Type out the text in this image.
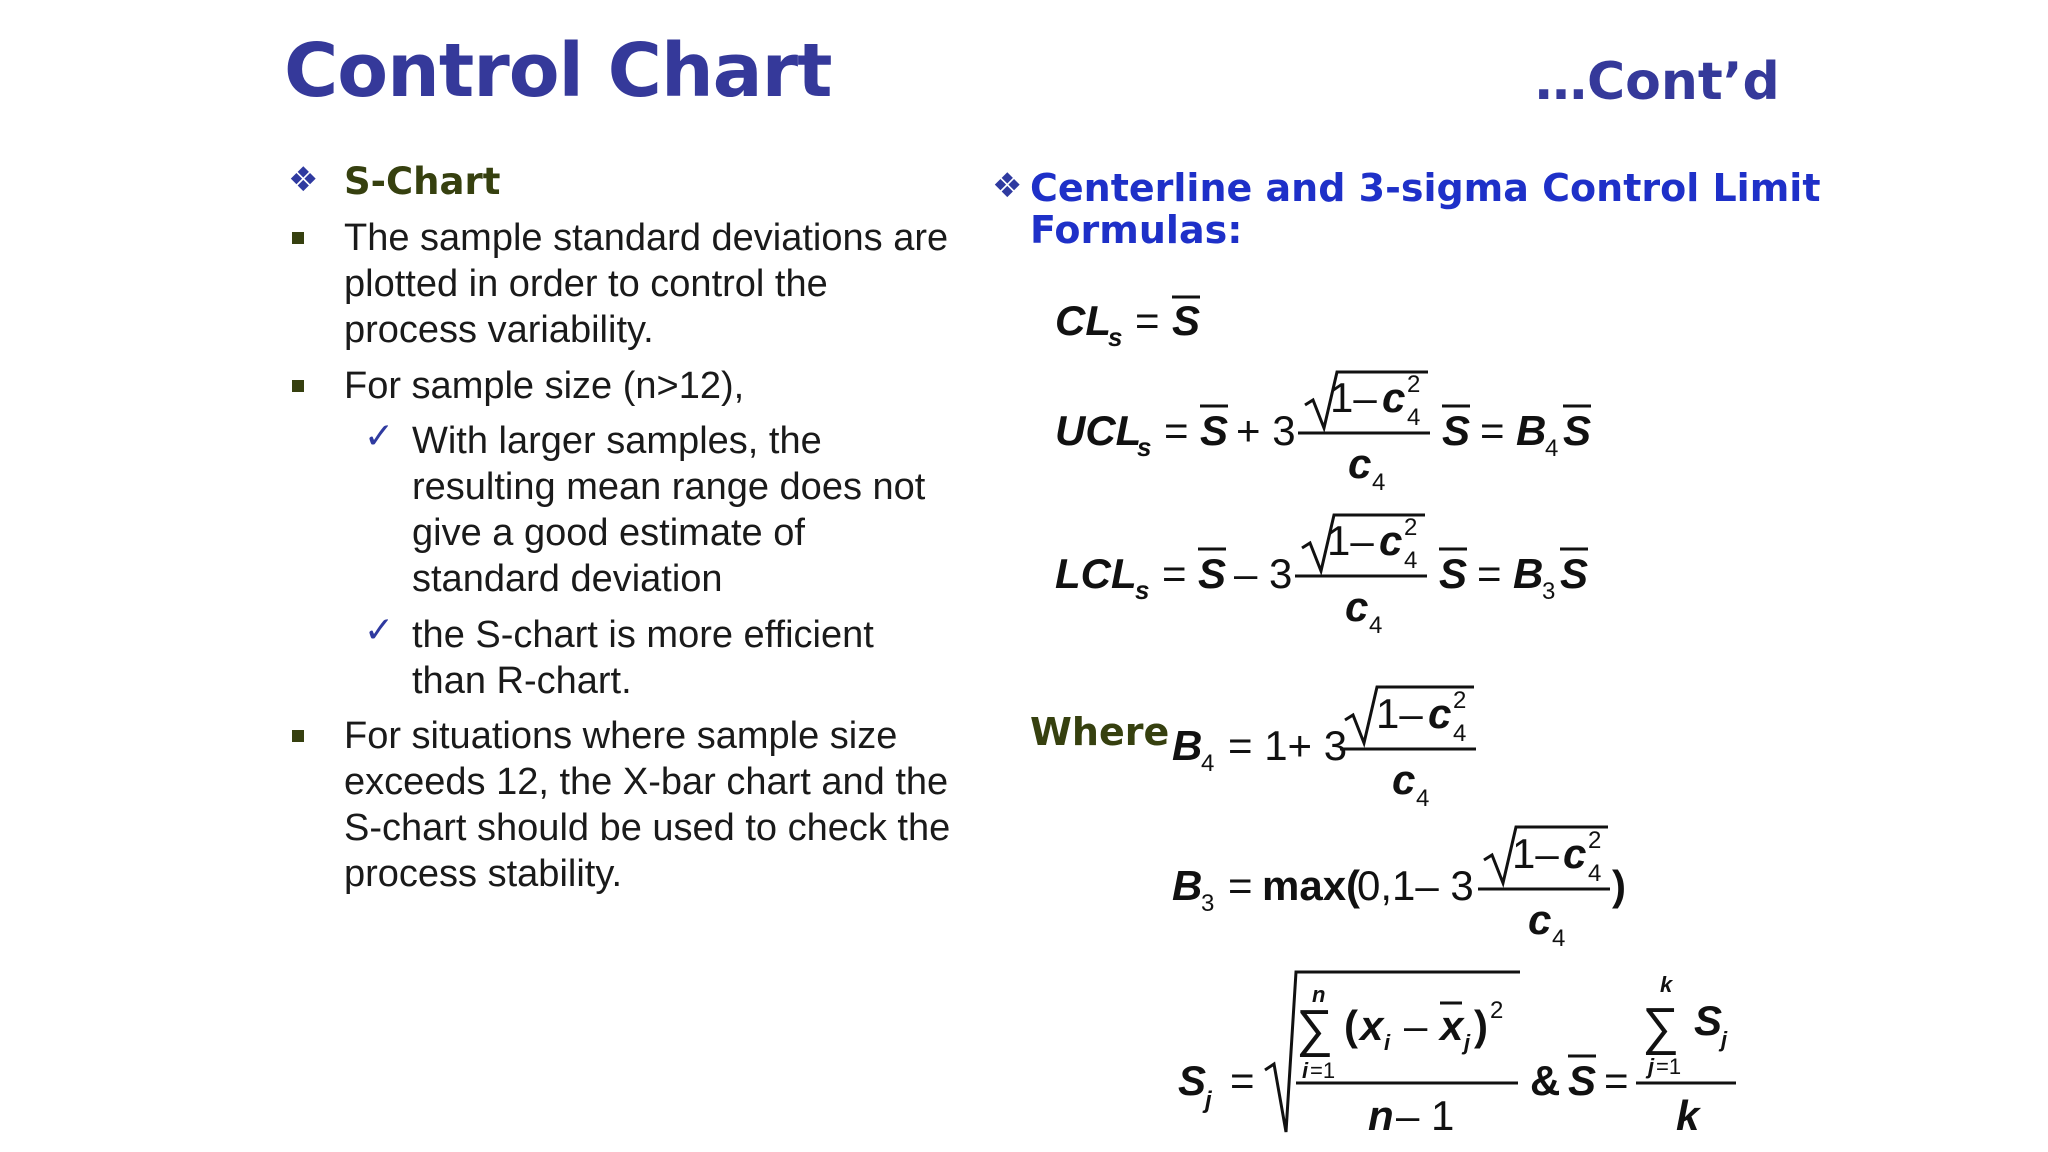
Control Chart	…Cont’d
❖ S-Chart
The sample standard deviations are
plotted in order to control the
process variability.
For sample size (n>12),
✓ With larger samples, the
resulting mean range does not
give a good estimate of
standard deviation
✓ the S-chart is more efficient
than R-chart.
For situations where sample size
exceeds 12, the X-bar chart and the
S-chart should be used to check the
process stability.
❖ Centerline and 3-sigma Control Limit
Formulas:
Where
CL
s = S
UCL
s = S + 3
1– c 2
4
c 4
S = B
4 S
LCL
s = S – 3
1– c 2
4
c 4
S = B
3 S
B
4 = 1+ 3
1– c 2
4
c 4
B
3 = max(
0,1– 3
1– c 2
4
c 4
)
S
j =
n
∑
i =1
( x i – x j ) 2
n – 1
& S =
k
∑ S
j
j =1
k
